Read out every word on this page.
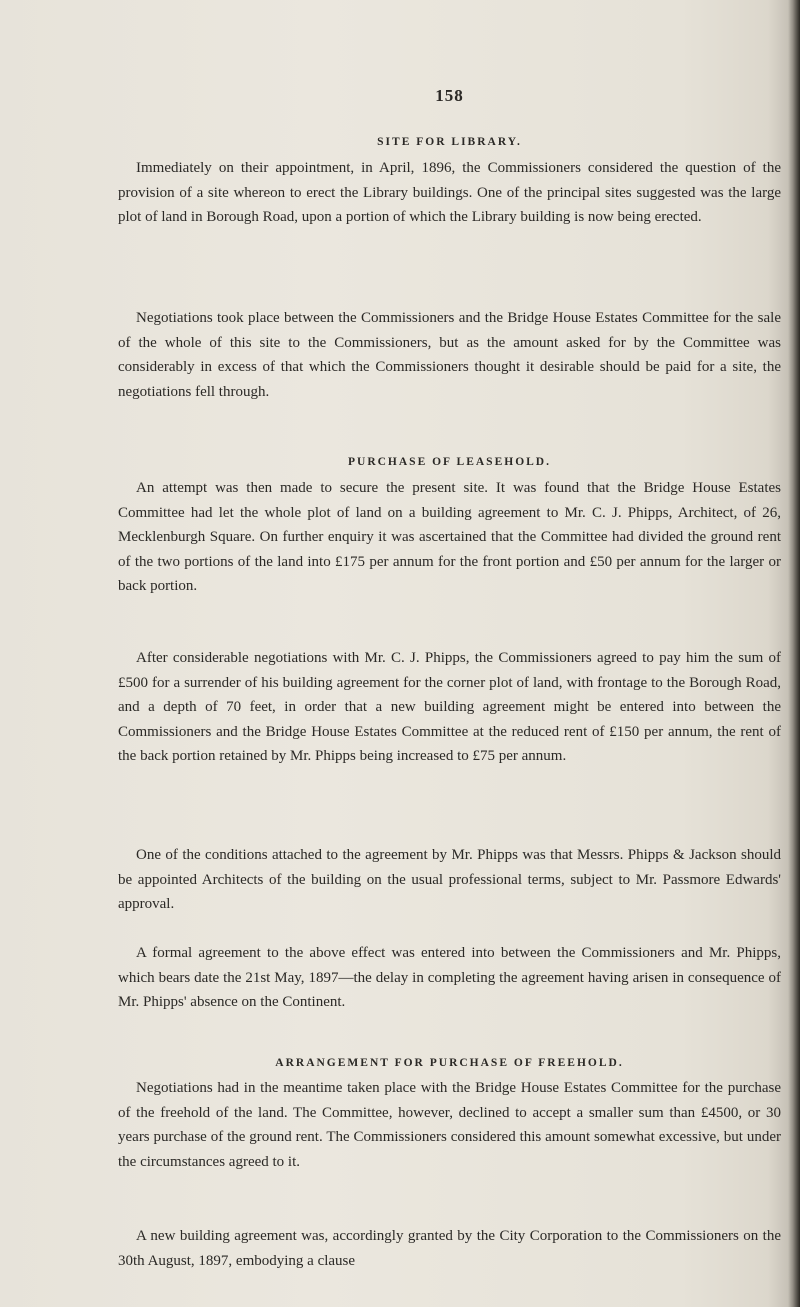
158
SITE FOR LIBRARY.

Immediately on their appointment, in April, 1896, the Commissioners considered the question of the provision of a site whereon to erect the Library buildings. One of the principal sites suggested was the large plot of land in Borough Road, upon a portion of which the Library building is now being erected.

Negotiations took place between the Commissioners and the Bridge House Estates Committee for the sale of the whole of this site to the Commissioners, but as the amount asked for by the Committee was considerably in excess of that which the Commissioners thought it desirable should be paid for a site, the negotiations fell through.

PURCHASE OF LEASEHOLD.

An attempt was then made to secure the present site. It was found that the Bridge House Estates Committee had let the whole plot of land on a building agreement to Mr. C. J. Phipps, Architect, of 26, Mecklenburgh Square. On further enquiry it was ascertained that the Committee had divided the ground rent of the two portions of the land into £175 per annum for the front portion and £50 per annum for the larger or back portion.

After considerable negotiations with Mr. C. J. Phipps, the Commissioners agreed to pay him the sum of £500 for a surrender of his building agreement for the corner plot of land, with frontage to the Borough Road, and a depth of 70 feet, in order that a new building agreement might be entered into between the Commissioners and the Bridge House Estates Committee at the reduced rent of £150 per annum, the rent of the back portion retained by Mr. Phipps being increased to £75 per annum.

One of the conditions attached to the agreement by Mr. Phipps was that Messrs. Phipps & Jackson should be appointed Architects of the building on the usual professional terms, subject to Mr. Passmore Edwards' approval.

A formal agreement to the above effect was entered into between the Commissioners and Mr. Phipps, which bears date the 21st May, 1897—the delay in completing the agreement having arisen in consequence of Mr. Phipps' absence on the Continent.

ARRANGEMENT FOR PURCHASE OF FREEHOLD.

Negotiations had in the meantime taken place with the Bridge House Estates Committee for the purchase of the freehold of the land. The Committee, however, declined to accept a smaller sum than £4500, or 30 years purchase of the ground rent. The Commissioners considered this amount somewhat excessive, but under the circumstances agreed to it.

A new building agreement was, accordingly granted by the City Corporation to the Commissioners on the 30th August, 1897, embodying a clause
